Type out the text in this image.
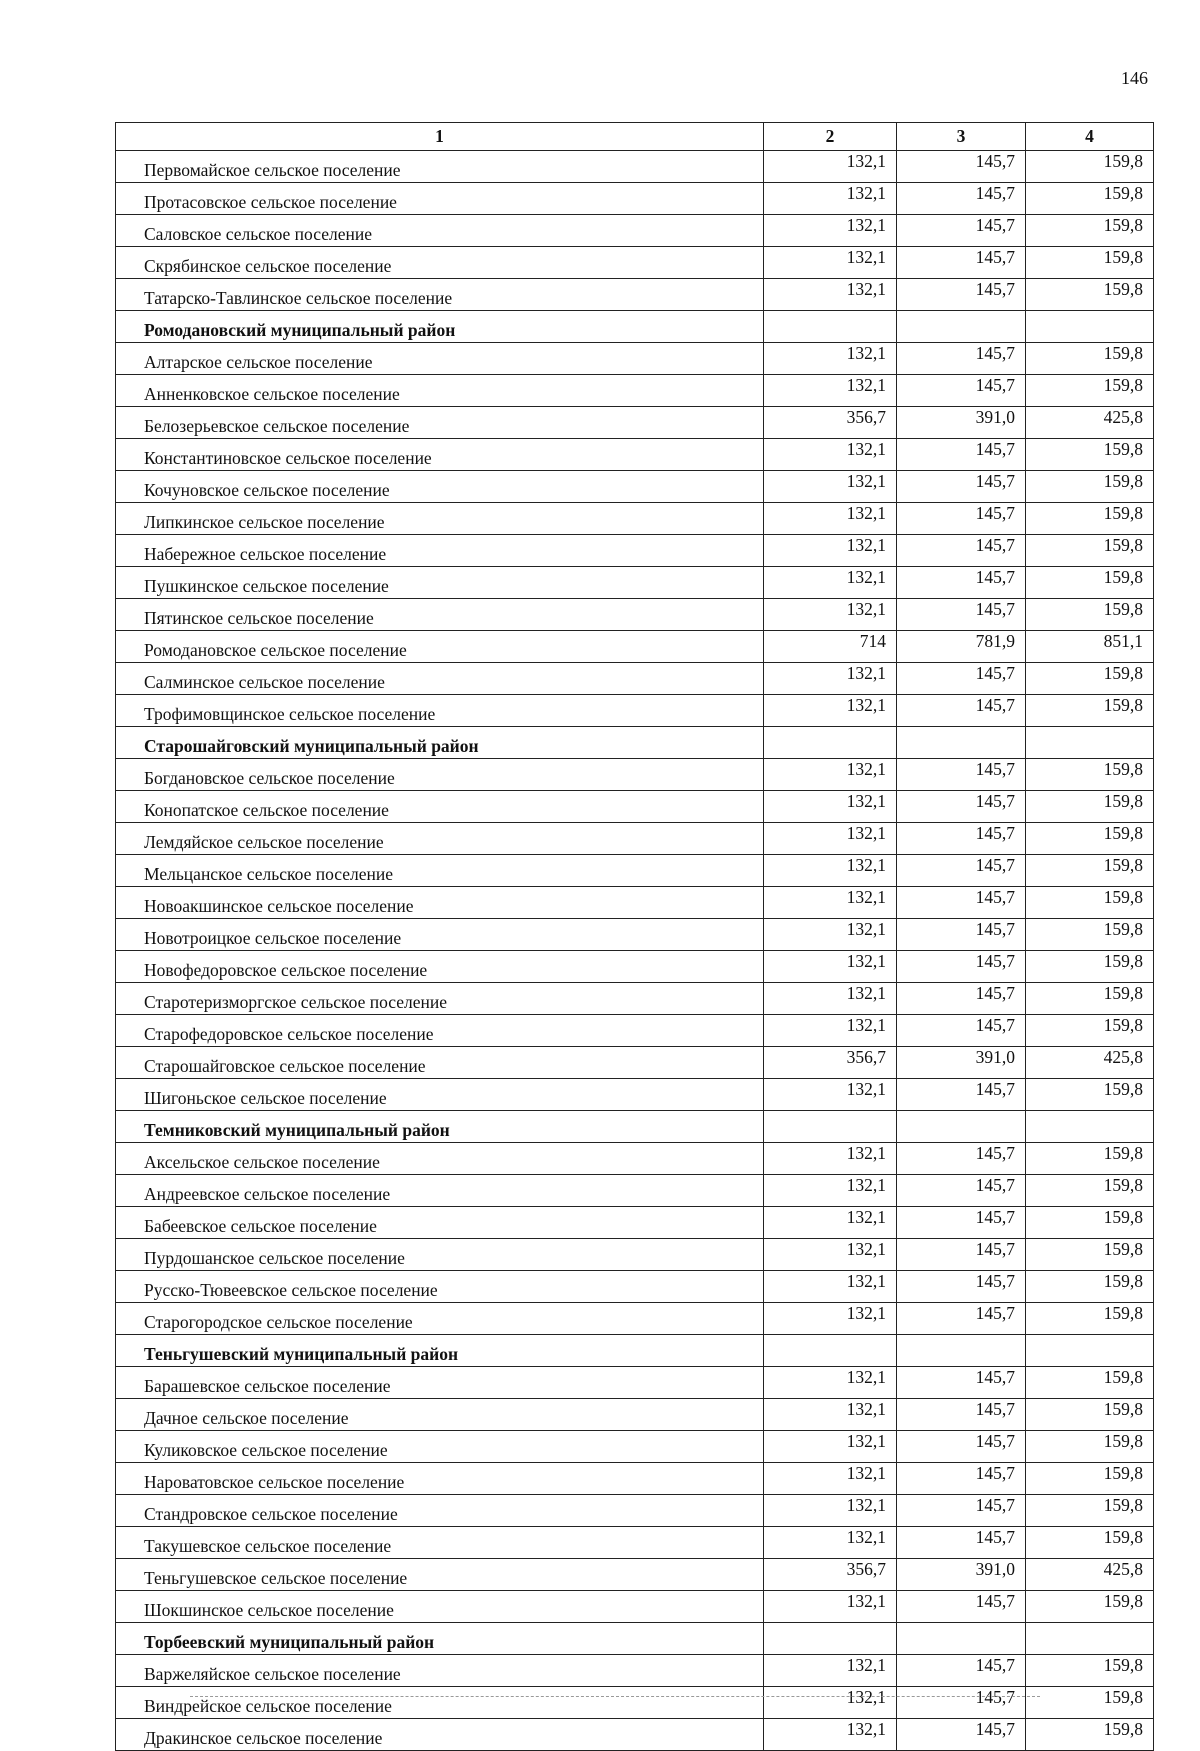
146
1	2	3	4
Первомайское сельское поселение	132,1	145,7	159,8
Протасовское сельское поселение	132,1	145,7	159,8
Саловское сельское поселение	132,1	145,7	159,8
Скрябинское сельское поселение	132,1	145,7	159,8
Татарско-Тавлинское сельское поселение	132,1	145,7	159,8
Ромодановский муниципальный район			
Алтарское сельское поселение	132,1	145,7	159,8
Анненковское сельское поселение	132,1	145,7	159,8
Белозерьевское сельское поселение	356,7	391,0	425,8
Константиновское сельское поселение	132,1	145,7	159,8
Кочуновское сельское поселение	132,1	145,7	159,8
Липкинское сельское поселение	132,1	145,7	159,8
Набережное сельское поселение	132,1	145,7	159,8
Пушкинское сельское поселение	132,1	145,7	159,8
Пятинское сельское поселение	132,1	145,7	159,8
Ромодановское сельское поселение	714	781,9	851,1
Салминское сельское поселение	132,1	145,7	159,8
Трофимовщинское сельское поселение	132,1	145,7	159,8
Старошайговский муниципальный район			
Богдановское сельское поселение	132,1	145,7	159,8
Конопатское сельское поселение	132,1	145,7	159,8
Лемдяйское сельское поселение	132,1	145,7	159,8
Мельцанское сельское поселение	132,1	145,7	159,8
Новоакшинское сельское поселение	132,1	145,7	159,8
Новотроицкое сельское поселение	132,1	145,7	159,8
Новофедоровское сельское поселение	132,1	145,7	159,8
Старотеризморгское сельское поселение	132,1	145,7	159,8
Старофедоровское сельское поселение	132,1	145,7	159,8
Старошайговское сельское поселение	356,7	391,0	425,8
Шигоньское сельское поселение	132,1	145,7	159,8
Темниковский муниципальный район			
Аксельское сельское поселение	132,1	145,7	159,8
Андреевское сельское поселение	132,1	145,7	159,8
Бабеевское сельское поселение	132,1	145,7	159,8
Пурдошанское сельское поселение	132,1	145,7	159,8
Русско-Тювеевское сельское поселение	132,1	145,7	159,8
Старогородское сельское поселение	132,1	145,7	159,8
Теньгушевский муниципальный район			
Барашевское сельское поселение	132,1	145,7	159,8
Дачное сельское поселение	132,1	145,7	159,8
Куликовское сельское поселение	132,1	145,7	159,8
Нароватовское сельское поселение	132,1	145,7	159,8
Стандровское сельское поселение	132,1	145,7	159,8
Такушевское сельское поселение	132,1	145,7	159,8
Теньгушевское сельское поселение	356,7	391,0	425,8
Шокшинское сельское поселение	132,1	145,7	159,8
Торбеевский муниципальный район			
Варжеляйское сельское поселение	132,1	145,7	159,8
Виндрейское сельское поселение	132,1	145,7	159,8
Дракинское сельское поселение	132,1	145,7	159,8
